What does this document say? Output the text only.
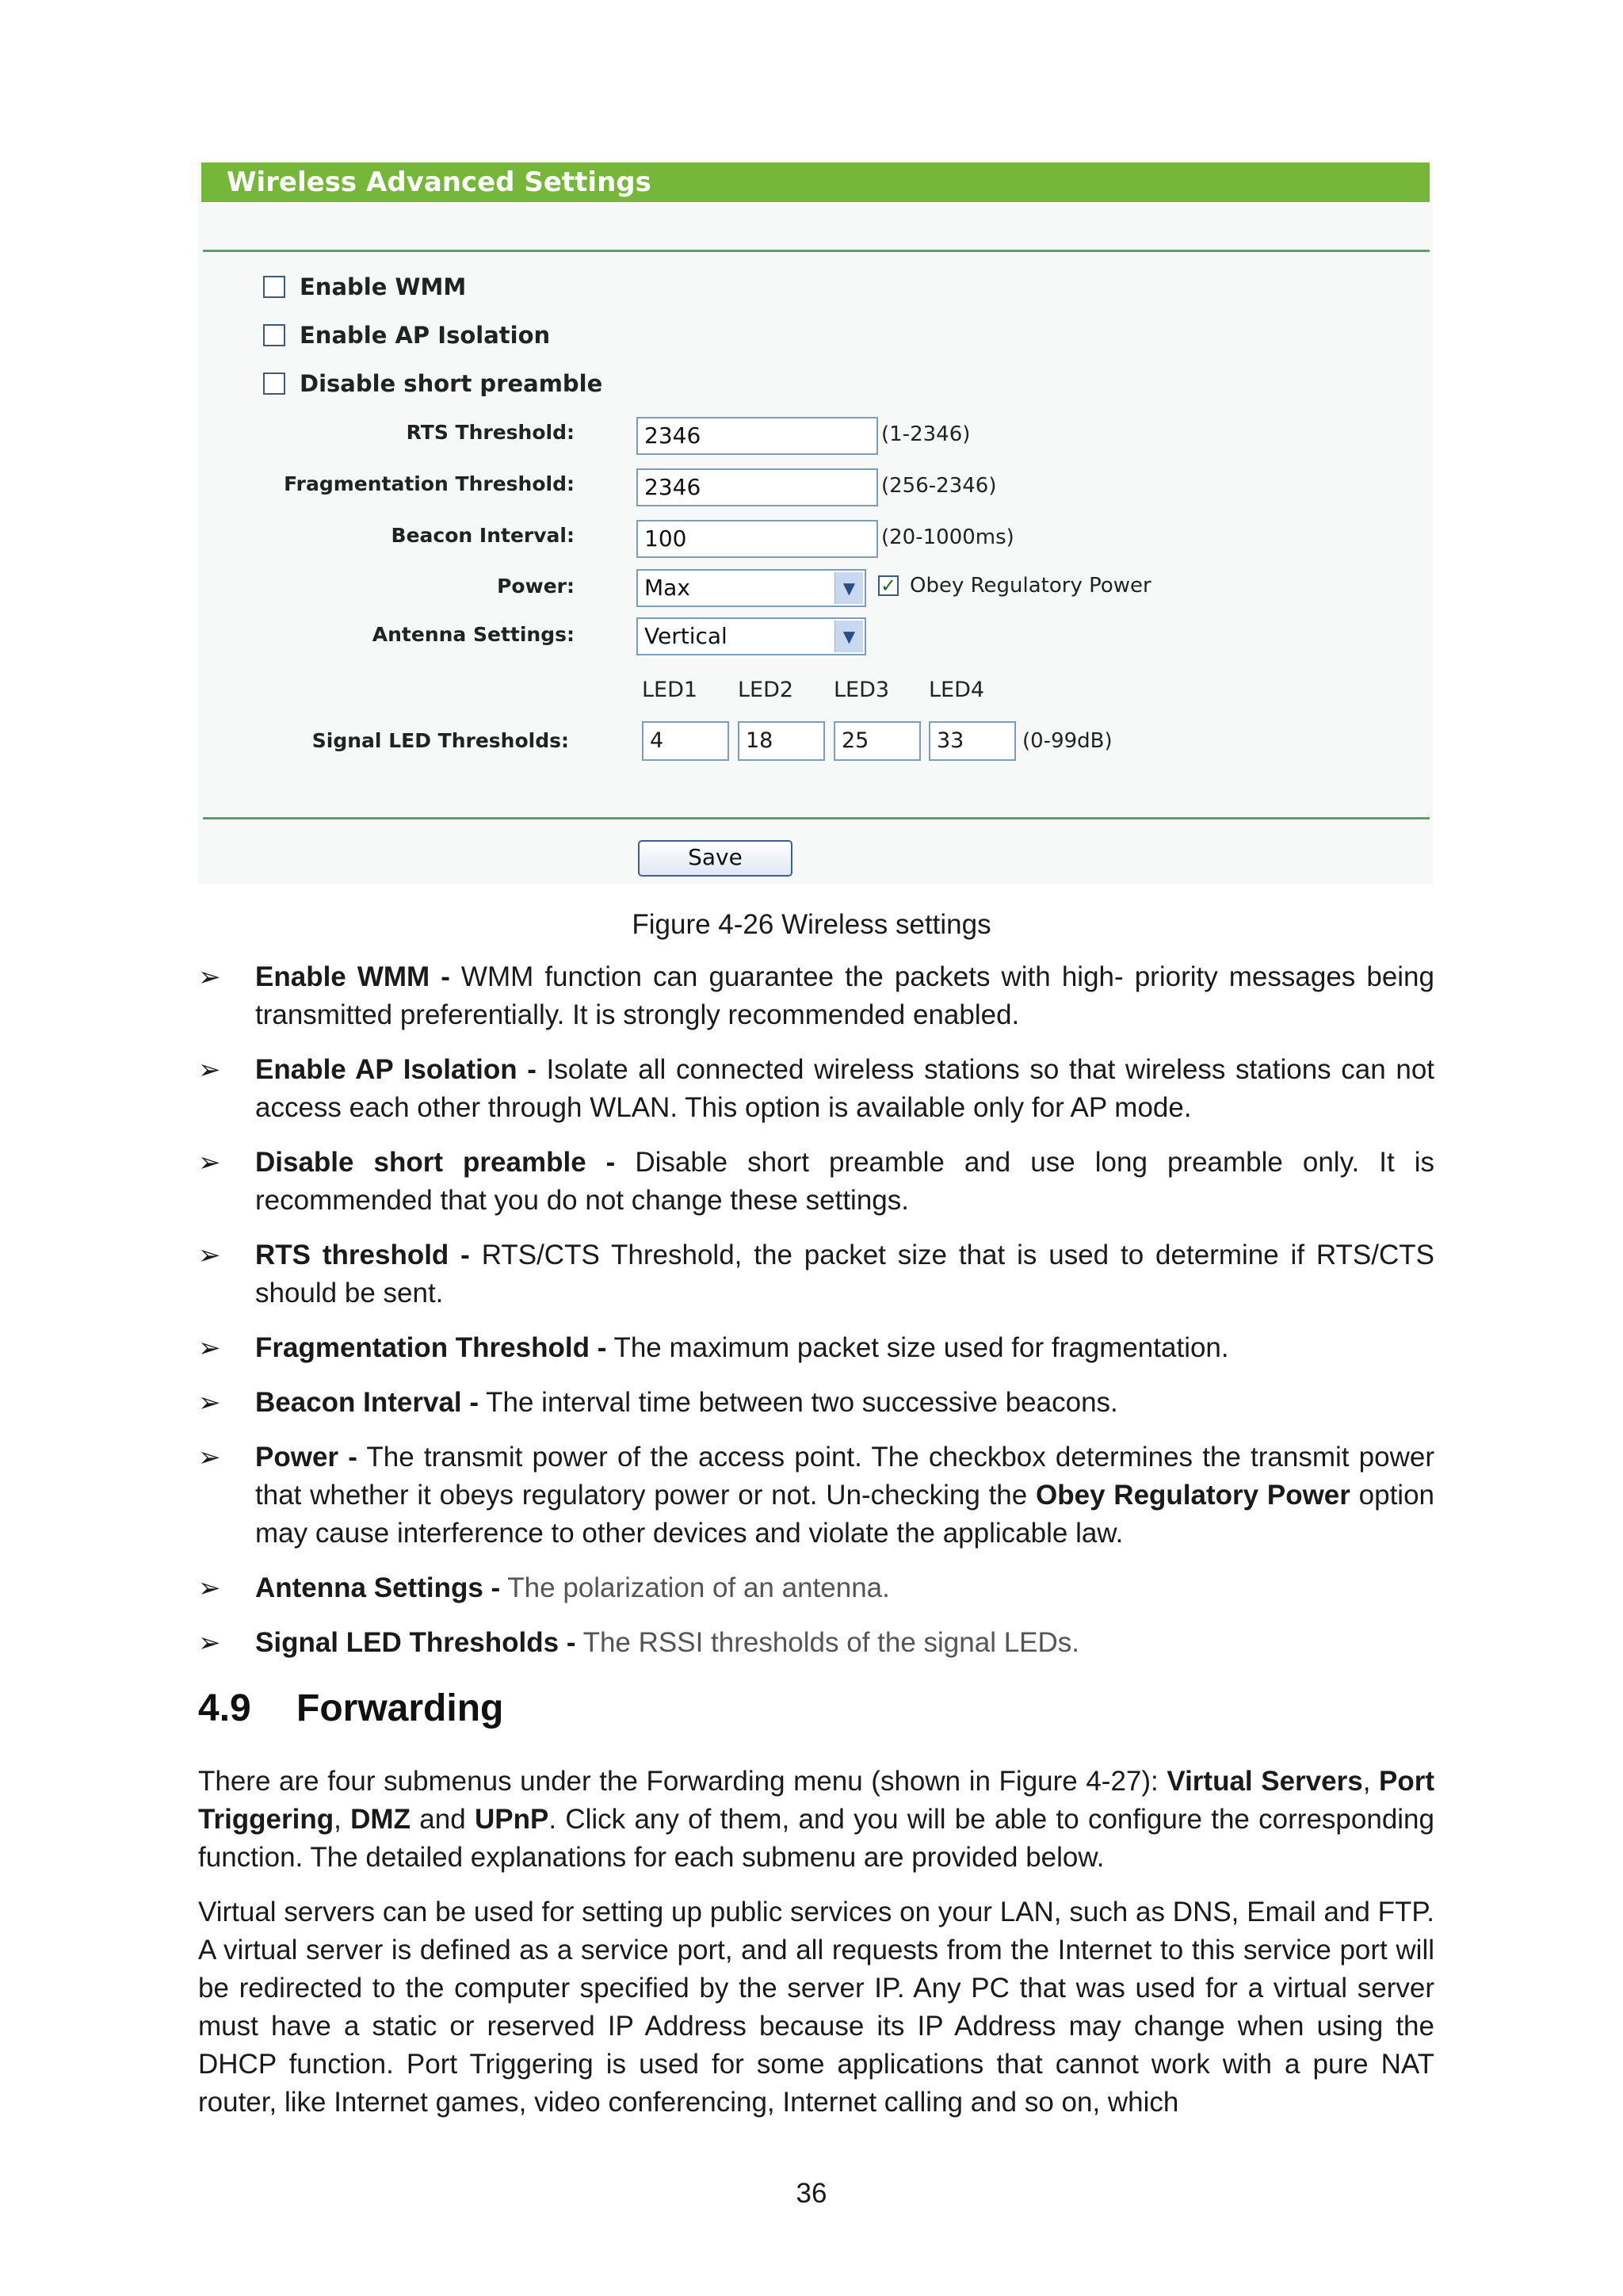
Wireless Advanced Settings
Enable WMM
Enable AP Isolation
Disable short preamble
RTS Threshold:	2346	(1-2346)
Fragmentation Threshold:	2346	(256-2346)
Beacon Interval:	100	(20-1000ms)
Power:	Max	▼	✓ Obey Regulatory Power
Antenna Settings:	Vertical	▼
LED1 LED2 LED3 LED4
Signal LED Thresholds:	4	18	25	33	(0-99dB)
Save
Figure 4-26 Wireless settings
➢ Enable WMM - WMM function can guarantee the packets with high- priority messages being transmitted preferentially. It is strongly recommended enabled.
➢ Enable AP Isolation - Isolate all connected wireless stations so that wireless stations can not access each other through WLAN. This option is available only for AP mode.
➢ Disable short preamble - Disable short preamble and use long preamble only. It is recommended that you do not change these settings.
➢ RTS threshold - RTS/CTS Threshold, the packet size that is used to determine if RTS/CTS should be sent.
➢ Fragmentation Threshold - The maximum packet size used for fragmentation.
➢ Beacon Interval - The interval time between two successive beacons.
➢ Power - The transmit power of the access point. The checkbox determines the transmit power that whether it obeys regulatory power or not. Un-checking the Obey Regulatory Power option may cause interference to other devices and violate the applicable law.
➢ Antenna Settings - The polarization of an antenna.
➢ Signal LED Thresholds - The RSSI thresholds of the signal LEDs.
4.9 Forwarding
There are four submenus under the Forwarding menu (shown in Figure 4-27): Virtual Servers, Port Triggering, DMZ and UPnP. Click any of them, and you will be able to configure the corresponding function. The detailed explanations for each submenu are provided below.
Virtual servers can be used for setting up public services on your LAN, such as DNS, Email and FTP. A virtual server is defined as a service port, and all requests from the Internet to this service port will be redirected to the computer specified by the server IP. Any PC that was used for a virtual server must have a static or reserved IP Address because its IP Address may change when using the DHCP function. Port Triggering is used for some applications that cannot work with a pure NAT router, like Internet games, video conferencing, Internet calling and so on, which
36
